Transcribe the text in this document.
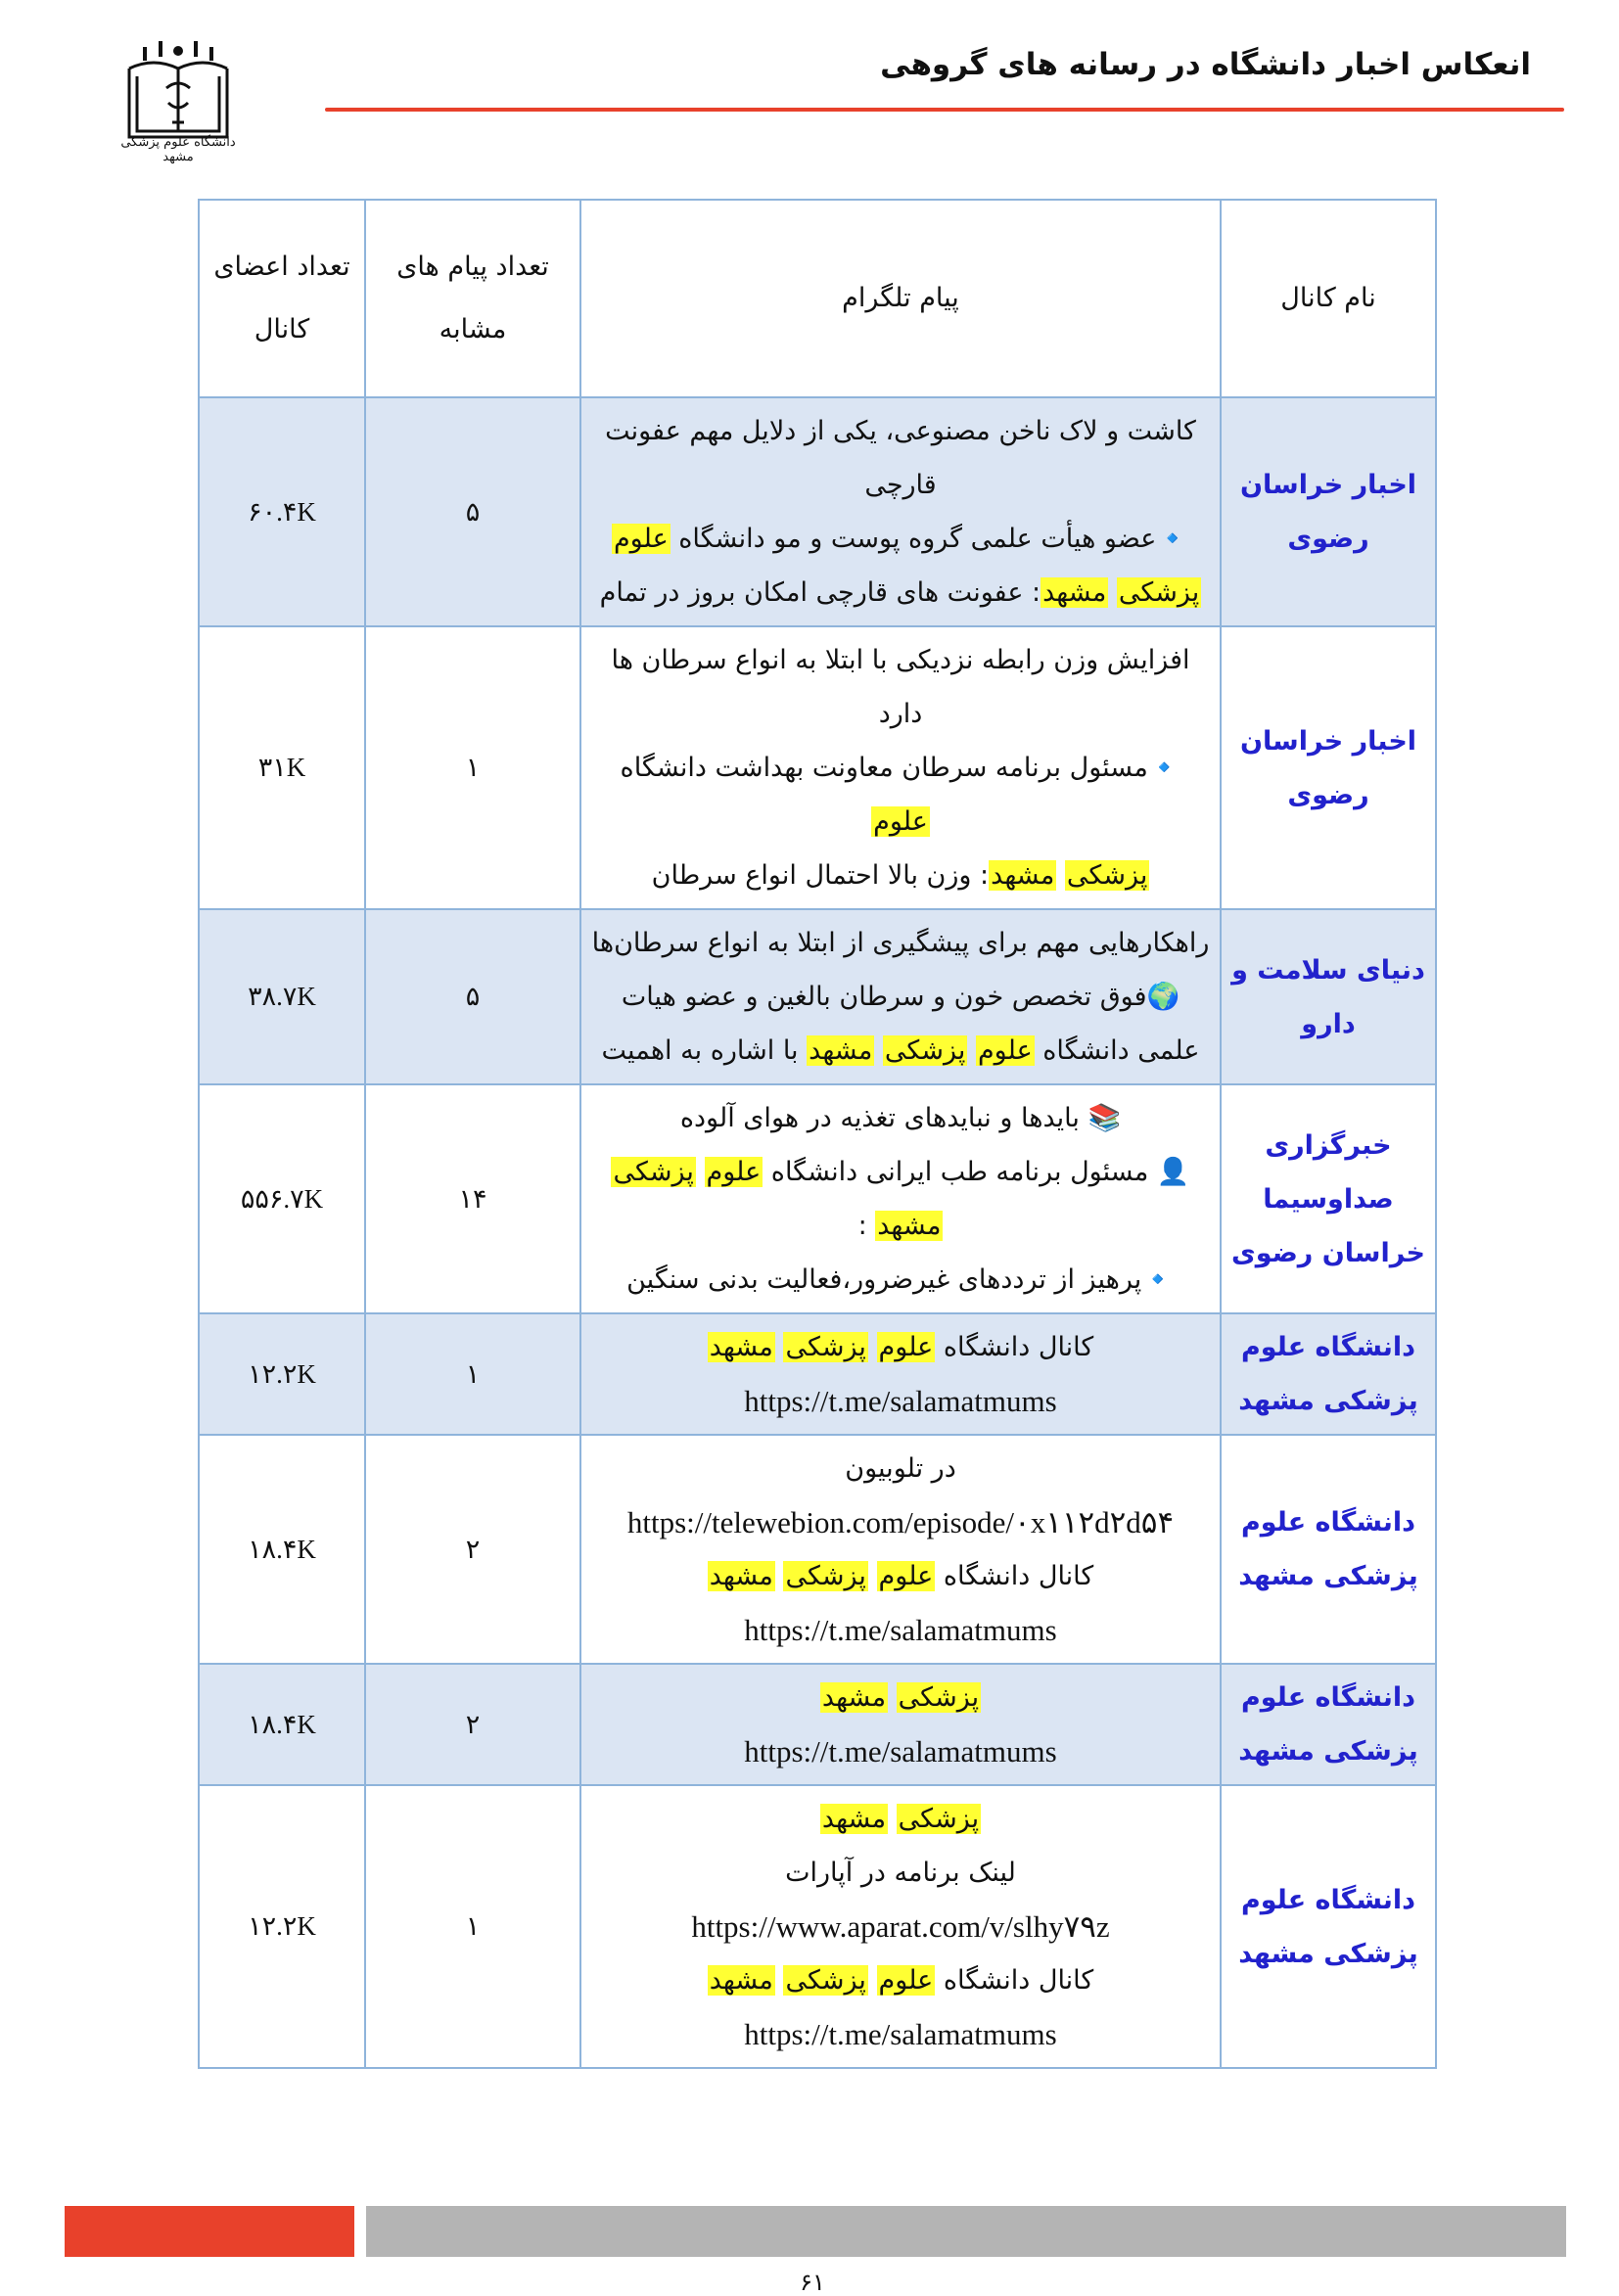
انعکاس اخبار دانشگاه در رسانه های گروهی
دانشگاه علوم پزشکی مشهد
نام کانال	پیام تلگرام	تعداد پیام های مشابه	تعداد اعضای کانال
اخبار خراسان رضوی	کاشت و لاک ناخن مصنوعی، یکی از دلایل مهم عفونت
قارچی
🔹عضو هیأت علمی گروه پوست و مو دانشگاه علوم
پزشکی مشهد: عفونت های قارچی امکان بروز در تمام	۵	۶۰.۴K
اخبار خراسان رضوی	افزایش وزن رابطه نزدیکی با ابتلا به انواع سرطان ها دارد
🔹مسئول برنامه سرطان معاونت بهداشت دانشگاه علوم
پزشکی مشهد: وزن بالا احتمال انواع سرطان	۱	۳۱K
دنیای سلامت و دارو	راهکارهایی مهم برای پیشگیری از ابتلا به انواع سرطان‌ها
🌍فوق تخصص خون و سرطان بالغین و عضو هیات
علمی دانشگاه علوم پزشکی مشهد با اشاره به اهمیت	۵	۳۸.۷K
خبرگزاری صداوسیما خراسان رضوی	📚 بایدها و نبایدهای تغذیه در هوای آلوده
👤 مسئول برنامه طب ایرانی دانشگاه علوم پزشکی
مشهد :
🔹پرهیز از ترددهای غیرضرور،فعالیت بدنی سنگین	۱۴	۵۵۶.۷K
دانشگاه علوم پزشکی مشهد	کانال دانشگاه علوم پزشکی مشهد
https://t.me/salamatmums	۱	۱۲.۲K
دانشگاه علوم پزشکی مشهد	در تلوبیون
https://telewebion.com/episode/۰x۱۱۲d۲d۵۴
کانال دانشگاه علوم پزشکی مشهد
https://t.me/salamatmums	۲	۱۸.۴K
دانشگاه علوم پزشکی مشهد	پزشکی مشهد
https://t.me/salamatmums	۲	۱۸.۴K
دانشگاه علوم پزشکی مشهد	پزشکی مشهد
لینک برنامه در آپارات
https://www.aparat.com/v/slhy۷۹z
کانال دانشگاه علوم پزشکی مشهد
https://t.me/salamatmums	۱	۱۲.۲K
۶۱
